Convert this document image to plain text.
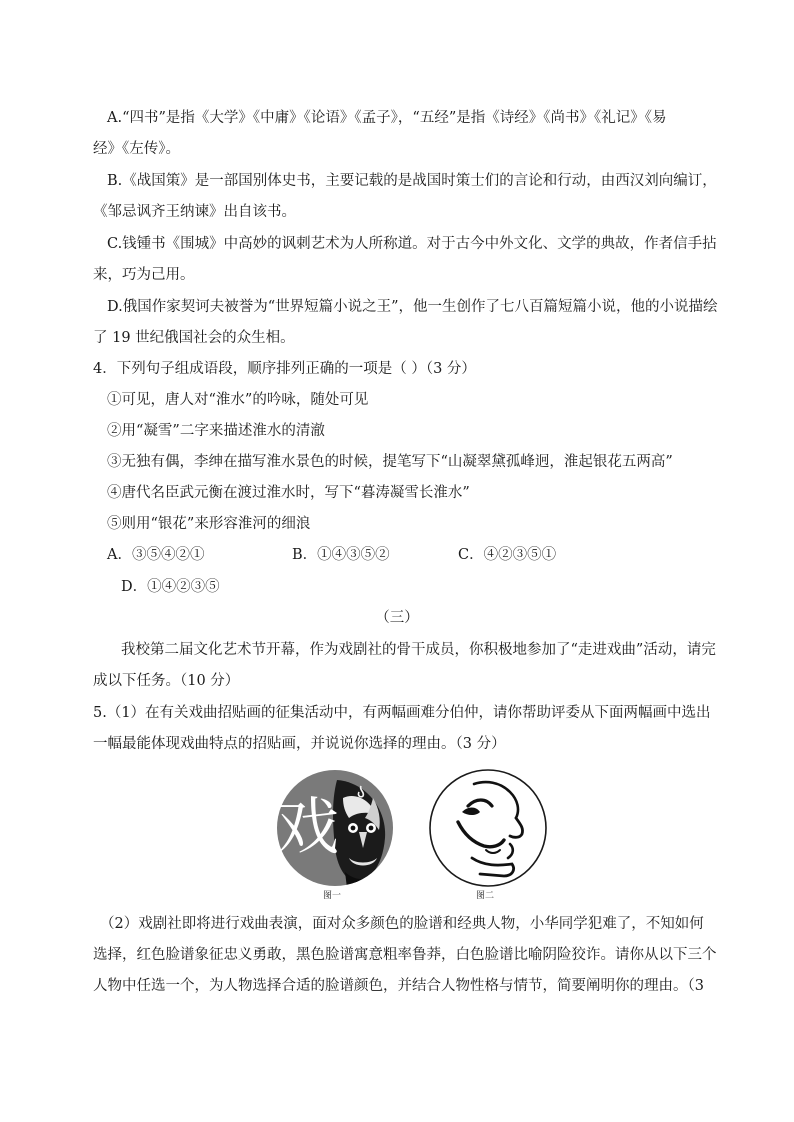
A.“四书”是指《大学》《中庸》《论语》《孟子》，“五经”是指《诗经》《尚书》《礼记》《易
经》《左传》。
B.《战国策》是一部国别体史书，主要记载的是战国时策士们的言论和行动，由西汉刘向编订，
《邹忌讽齐王纳谏》出自该书。
C.钱锺书《围城》中高妙的讽刺艺术为人所称道。对于古今中外文化、文学的典故，作者信手拈
来，巧为己用。
D.俄国作家契诃夫被誉为“世界短篇小说之王”，他一生创作了七八百篇短篇小说，他的小说描绘
了 19 世纪俄国社会的众生相。
4．下列句子组成语段，顺序排列正确的一项是（ ）（3 分）
①可见，唐人对“淮水”的吟咏，随处可见
②用“凝雪”二字来描述淮水的清澈
③无独有偶，李绅在描写淮水景色的时候，提笔写下“山凝翠黛孤峰迥，淮起银花五两高”
④唐代名臣武元衡在渡过淮水时，写下“暮涛凝雪长淮水”
⑤则用“银花”来形容淮河的细浪
A．③⑤④②①	B．①④③⑤②	C．④②③⑤①
D．①④②③⑤
（三）
我校第二届文化艺术节开幕，作为戏剧社的骨干成员，你积极地参加了“走进戏曲”活动，请完
成以下任务。（10 分）
5.（1）在有关戏曲招贴画的征集活动中，有两幅画难分伯仲，请你帮助评委从下面两幅画中选出
一幅最能体现戏曲特点的招贴画，并说说你选择的理由。（3 分）
戏
图一	图二
（2）戏剧社即将进行戏曲表演，面对众多颜色的脸谱和经典人物，小华同学犯难了，不知如何
选择，红色脸谱象征忠义勇敢，黑色脸谱寓意粗率鲁莽，白色脸谱比喻阴险狡诈。请你从以下三个
人物中任选一个，为人物选择合适的脸谱颜色，并结合人物性格与情节，简要阐明你的理由。（3
